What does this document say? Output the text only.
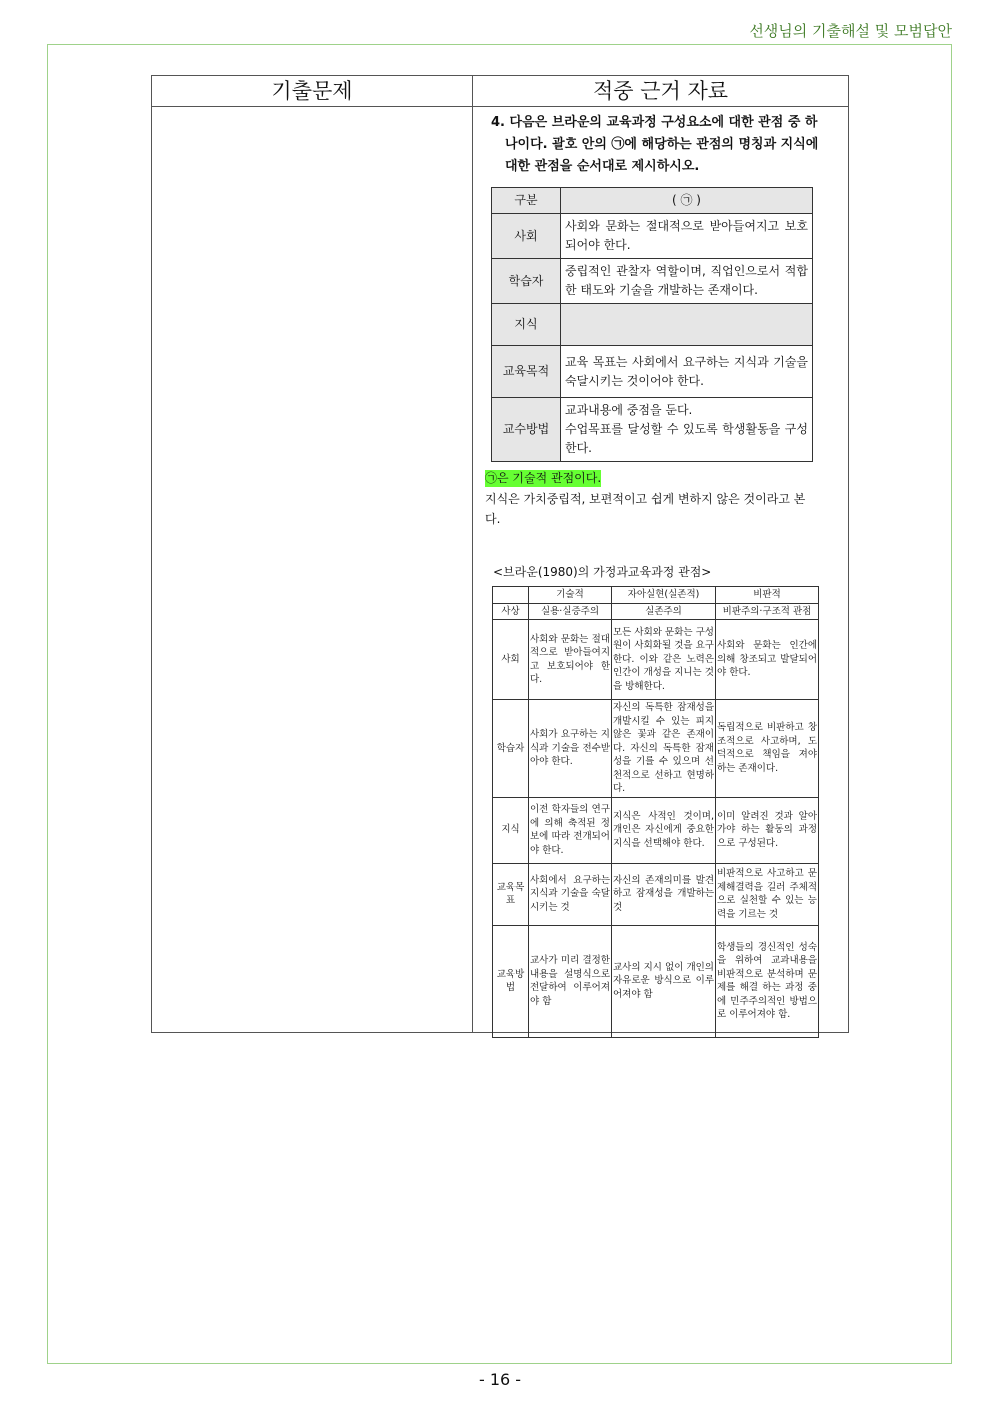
선생님의 기출해설 및 모범답안
기출문제	적중 근거 자료
4. 다음은 브라운의 교육과정 구성요소에 대한 관점 중 하나이다. 괄호 안의 ㉠에 해당하는 관점의 명칭과 지식에 대한 관점을 순서대로 제시하시오.
구분	( ㉠ )
사회	사회와 문화는 절대적으로 받아들여지고 보호되어야 한다.
학습자	중립적인 관찰자 역할이며, 직업인으로서 적합한 태도와 기술을 개발하는 존재이다.
지식	
교육목적	교육 목표는 사회에서 요구하는 지식과 기술을 숙달시키는 것이어야 한다.
교수방법	교과내용에 중점을 둔다.
수업목표를 달성할 수 있도록 학생활동을 구성한다.
㉠은 기술적 관점이다.
지식은 가치중립적, 보편적이고 쉽게 변하지 않은 것이라고 본다.
<브라운(1980)의 가정과교육과정 관점>
	기술적	자아실현(실존적)	비판적
사상	실용·실증주의	실존주의	비판주의·구조적 관점
사회	사회와 문화는 절대적으로 받아들여지고 보호되어야 한다.	모든 사회와 문화는 구성원이 사회화될 것을 요구한다. 이와 같은 노력은 인간이 개성을 지니는 것을 방해한다.	사회와 문화는 인간에 의해 창조되고 발달되어야 한다.
학습자	사회가 요구하는 지식과 기술을 전수받아야 한다.	자신의 독특한 잠재성을 개발시킬 수 있는 피지 않은 꽃과 같은 존재이다. 자신의 독특한 잠재성을 기를 수 있으며 선천적으로 선하고 현명하다.	독립적으로 비판하고 창조적으로 사고하며, 도덕적으로 책임을 져야 하는 존재이다.
지식	이전 학자들의 연구에 의해 축적된 정보에 따라 전개되어야 한다.	지식은 사적인 것이며, 개인은 자신에게 중요한 지식을 선택해야 한다.	이미 알려진 것과 알아가야 하는 활동의 과정으로 구성된다.
교육목표	사회에서 요구하는 지식과 기술을 숙달시키는 것	자신의 존재의미를 발견하고 잠재성을 개발하는 것	비판적으로 사고하고 문제해결력을 길러 주체적으로 실천할 수 있는 능력을 기르는 것
교육방법	교사가 미리 결정한 내용을 설명식으로 전달하여 이루어져야 함	교사의 지시 없이 개인의 자유로운 방식으로 이루어져야 함	학생들의 경신적인 성숙을 위하여 교과내용을 비판적으로 분석하며 문제를 해결 하는 과정 중에 민주주의적인 방법으로 이루어져야 함.
- 16 -
